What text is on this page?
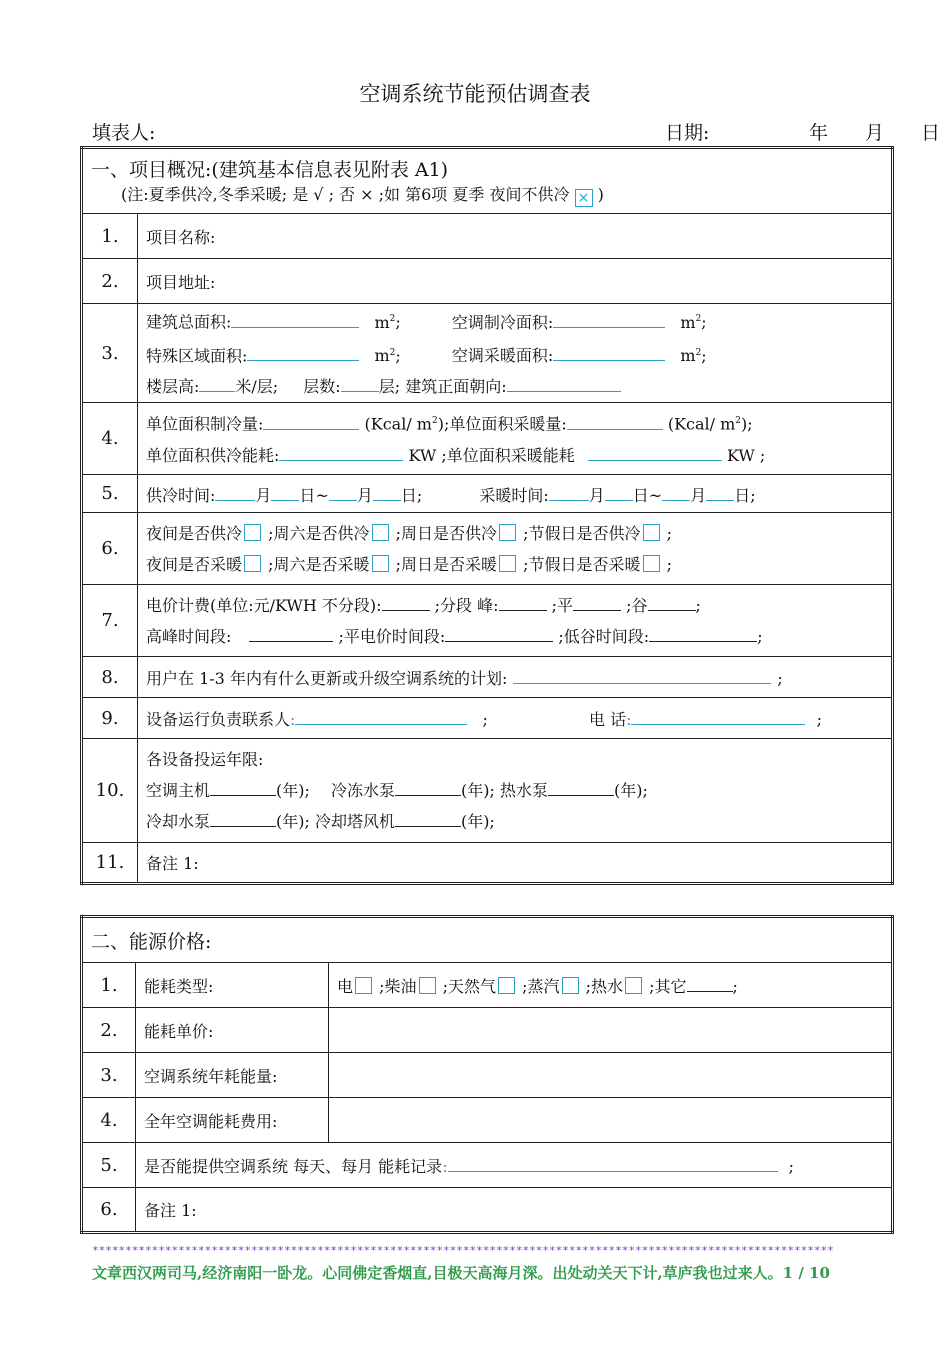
空调系统节能预估调查表
填表人:	日期:	年 月 日
一、项目概况:(建筑基本信息表见附表 A1)
(注:夏季供冷,冬季采暖; 是 √ ; 否 × ;如 第6项 夏季 夜间不供冷 × )	

1.	项目名称:
2.	项目地址:
3.	建筑总面积: $m^2$; 空调制冷面积: $m^2$;
特殊区域面积: $m^2$; 空调采暖面积: $m^2$;
楼层高: 米/层; 层数: 层; 建筑正面朝向:

4.	单位面积制冷量: (Kcal/ $m^2$);单位面积采暖量: (Kcal/ $m^2$);
单位面积供冷能耗: KW ;单位面积采暖能耗 KW ;

5.	供冷时间: 月 日~ 月 日; 采暖时间: 月 日~ 月 日;
6.	夜间是否供冷 ;周六是否供冷 ;周日是否供冷 ;节假日是否供冷 ;
夜间是否采暖 ;周六是否采暖 ;周日是否采暖 ;节假日是否采暖 ;

7.	电价计费(单位:元/KWH 不分段): ;分段 峰: ;平 ;谷 ;
高峰时间段: ;平电价时间段: ;低谷时间段: ;

8.	用户在 1-3 年内有什么更新或升级空调系统的计划: ;
9.	设备运行负责联系人: ; 电 话: ;
10.	各设备投运年限:
空调主机 (年); 冷冻水泵 (年); 热水泵 (年);
冷却水泵 (年); 冷却塔风机 (年);

11.	备注 1:
二、能源价格:		
1.	能耗类型:	电 ;柴油 ;天然气 ;蒸汽 ;热水 ;其它 ;
2.	能耗单价:	
3.	空调系统年耗能量:	
4.	全年空调能耗费用:	
5.	是否能提供空调系统 每天、每月 能耗记录: ;	
6.	备注 1:	
****************************************************************************************************************
文章西汉两司马,经济南阳一卧龙。心同佛定香烟直,目极天高海月深。出处动关天下计,草庐我也过来人。1 / 10
